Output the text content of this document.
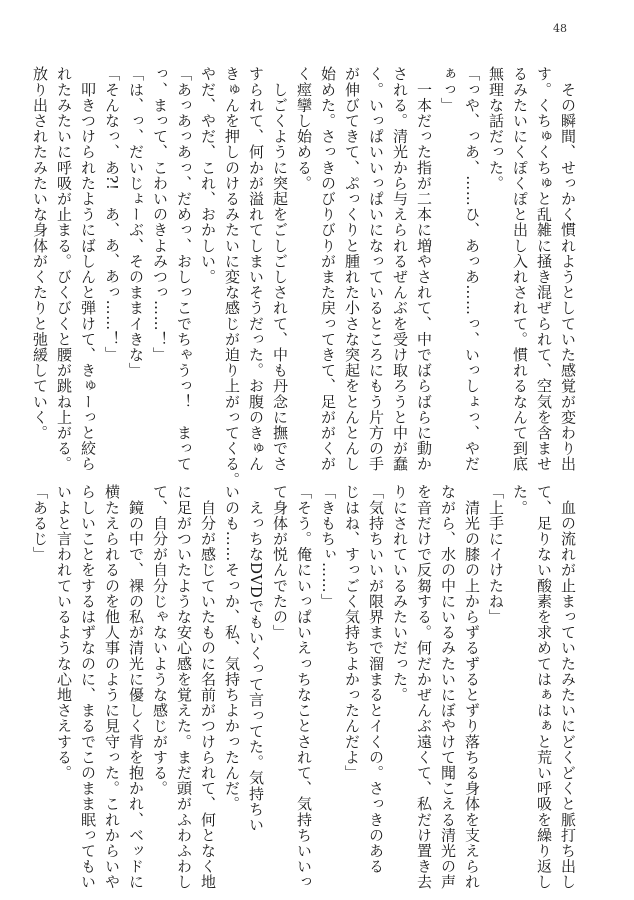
48
　その瞬間、せっかく慣れようとしていた感覚が変わり出
す。くちゅくちゅと乱雑に掻き混ぜられて、空気を含ませ
るみたいにくぽくぽと出し入れされて。慣れるなんて到底
無理な話だった。
「っや、っあ、……ひ、あっあ……っ、いっしょっ、やだ
ぁっ」
　一本だった指が二本に増やされて、中でばらばらに動か
される。清光から与えられるぜんぶを受け取ろうと中が蠢
く。いっぱいいっぱいになっているところにもう片方の手
が伸びてきて、ぷっくりと腫れた小さな突起をとんとんし
始めた。さっきのびりびりがまた戻ってきて、足ががくが
く痙攣し始める。
　しごくように突起をごしごしされて、中も丹念に撫でさ
すられて、何かが溢れてしまいそうだった。お腹のきゅん
きゅんを押しのけるみたいに変な感じが迫り上がってくる。
やだ、やだ、これ、おかしい。
「あっあっあっ、だめっ、おしっこでちゃうっ！　まって
っ、まって、こわいのきよみつっ……！」
「は、っ、だいじょーぶ、そのままイきな」
「そんなっ、あ?!　あ、あ、あっ……！」
　叩きつけられたようにばしんと弾けて、きゅーっと絞ら
れたみたいに呼吸が止まる。びくびくと腰が跳ね上がる。
放り出されたみたいな身体がくたりと弛緩していく。
　血の流れが止まっていたみたいにどくどくと脈打ち出し
て、足りない酸素を求めてはぁはぁと荒い呼吸を繰り返し
た。
「上手にイけたね」
　清光の膝の上からずるずるとずり落ちる身体を支えられ
ながら、水の中にいるみたいにぼやけて聞こえる清光の声
を音だけで反芻する。何だかぜんぶ遠くて、私だけ置き去
りにされているみたいだった。
「気持ちいいが限界まで溜まるとイくの。さっきのある
じはね、すっごく気持ちよかったんだよ」
「きもちぃ……」
「そう。俺にいっぱいえっちなことされて、気持ちいいっ
て身体が悦んでたの」
　えっちなDVDでもいくって言ってた。気持ちい
いのも……そっか、私、気持ちよかったんだ。
　自分が感じていたものに名前がつけられて、何となく地
に足がついたような安心感を覚えた。まだ頭がふわふわし
て、自分が自分じゃないような感じがする。
　鏡の中で、裸の私が清光に優しく背を抱かれ、ベッドに
横たえられるのを他人事のように見守った。これからいや
らしいことをするはずなのに、まるでこのまま眠ってもい
いよと言われているような心地さえする。
「あるじ」
